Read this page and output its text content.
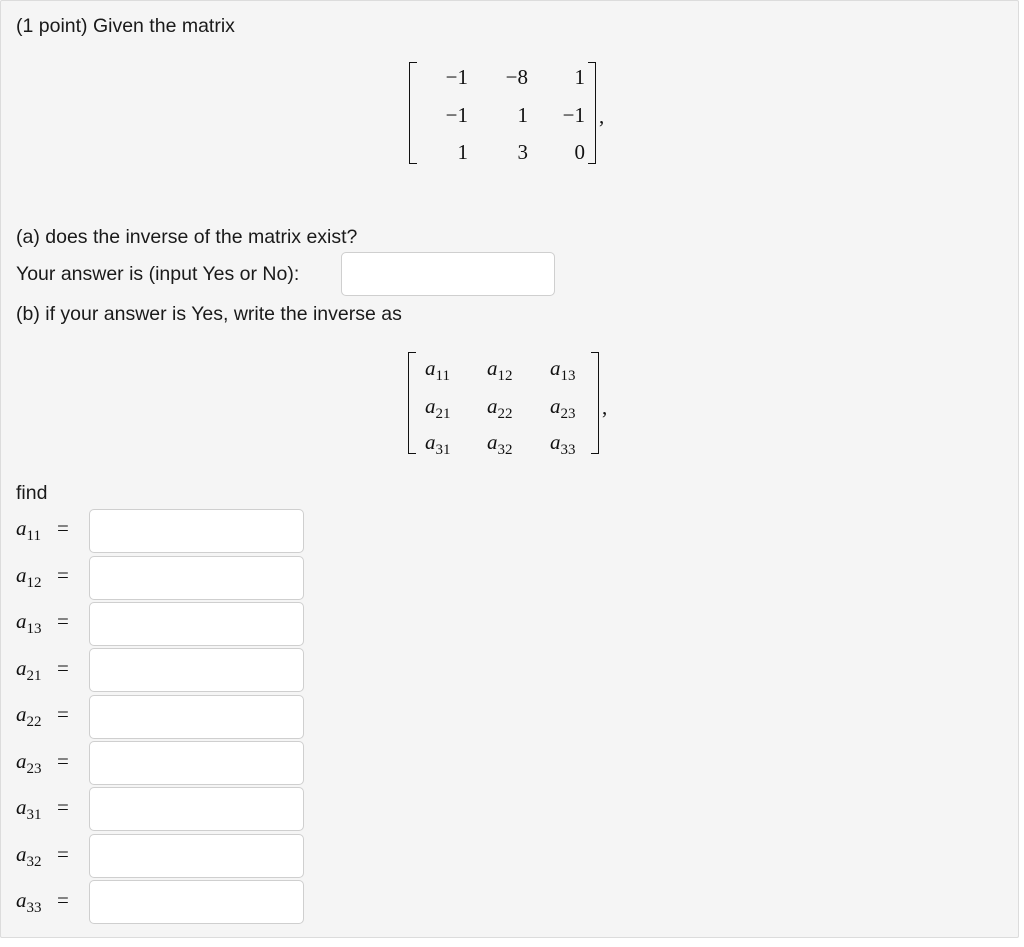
(1 point) Given the matrix
−1	−8	1
−1	1	−1
1	3	0
,
(a) does the inverse of the matrix exist?
Your answer is (input Yes or No):
(b) if your answer is Yes, write the inverse as
$a_{11}$ $a_{12}$ $a_{13}$
$a_{21}$ $a_{22}$ $a_{23}$
$a_{31}$ $a_{32}$ $a_{33}$
,
find
$a_{11}$ =
$a_{12}$ =
$a_{13}$ =
$a_{21}$ =
$a_{22}$ =
$a_{23}$ =
$a_{31}$ =
$a_{32}$ =
$a_{33}$ =
